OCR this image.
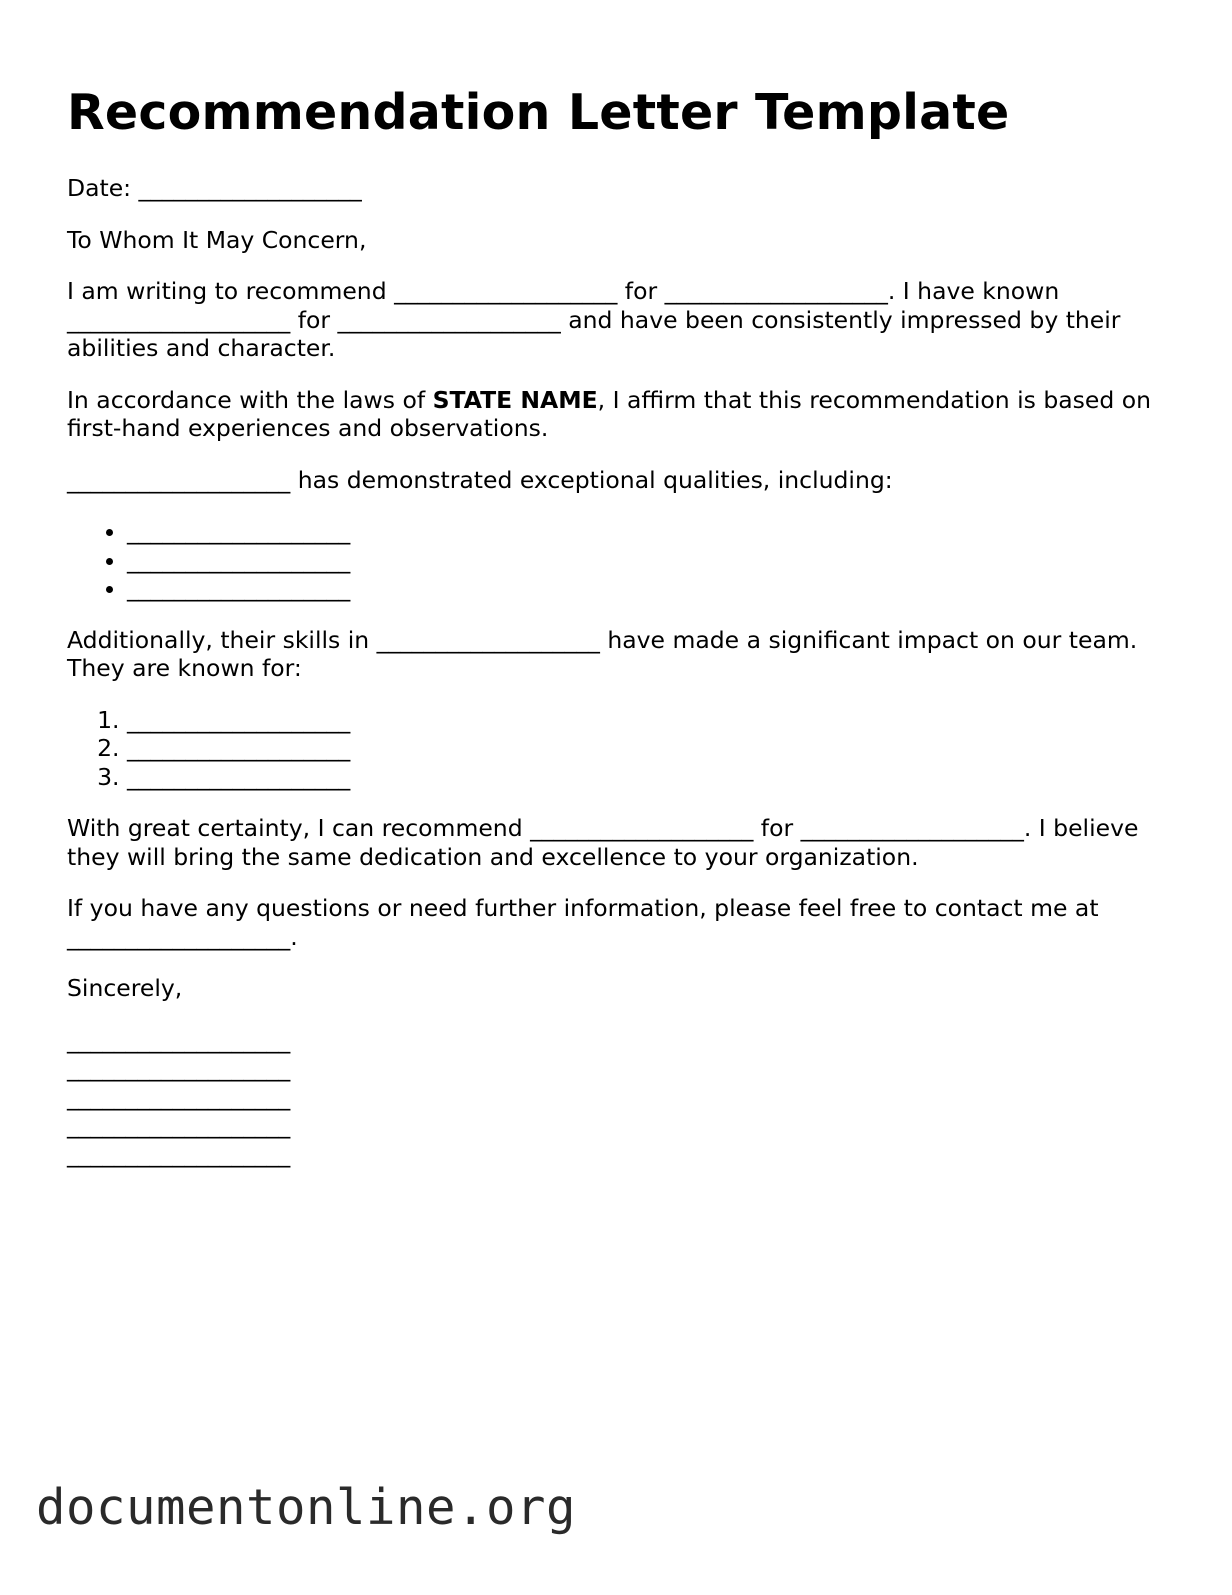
Recommendation Letter Template

Date: ___________________

To Whom It May Concern,

I am writing to recommend ___________________ for ___________________. I have known ___________________ for ___________________ and have been consistently impressed by their abilities and character.

In accordance with the laws of STATE NAME, I affirm that this recommendation is based on first-hand experiences and observations.

___________________ has demonstrated exceptional qualities, including:

• ___________________
• ___________________
• ___________________

Additionally, their skills in ___________________ have made a significant impact on our team. They are known for:

1. ___________________
2. ___________________
3. ___________________

With great certainty, I can recommend ___________________ for ___________________. I believe they will bring the same dedication and excellence to your organization.

If you have any questions or need further information, please feel free to contact me at ___________________.

Sincerely,

___________________
___________________
___________________
___________________
___________________
documentonline.org
